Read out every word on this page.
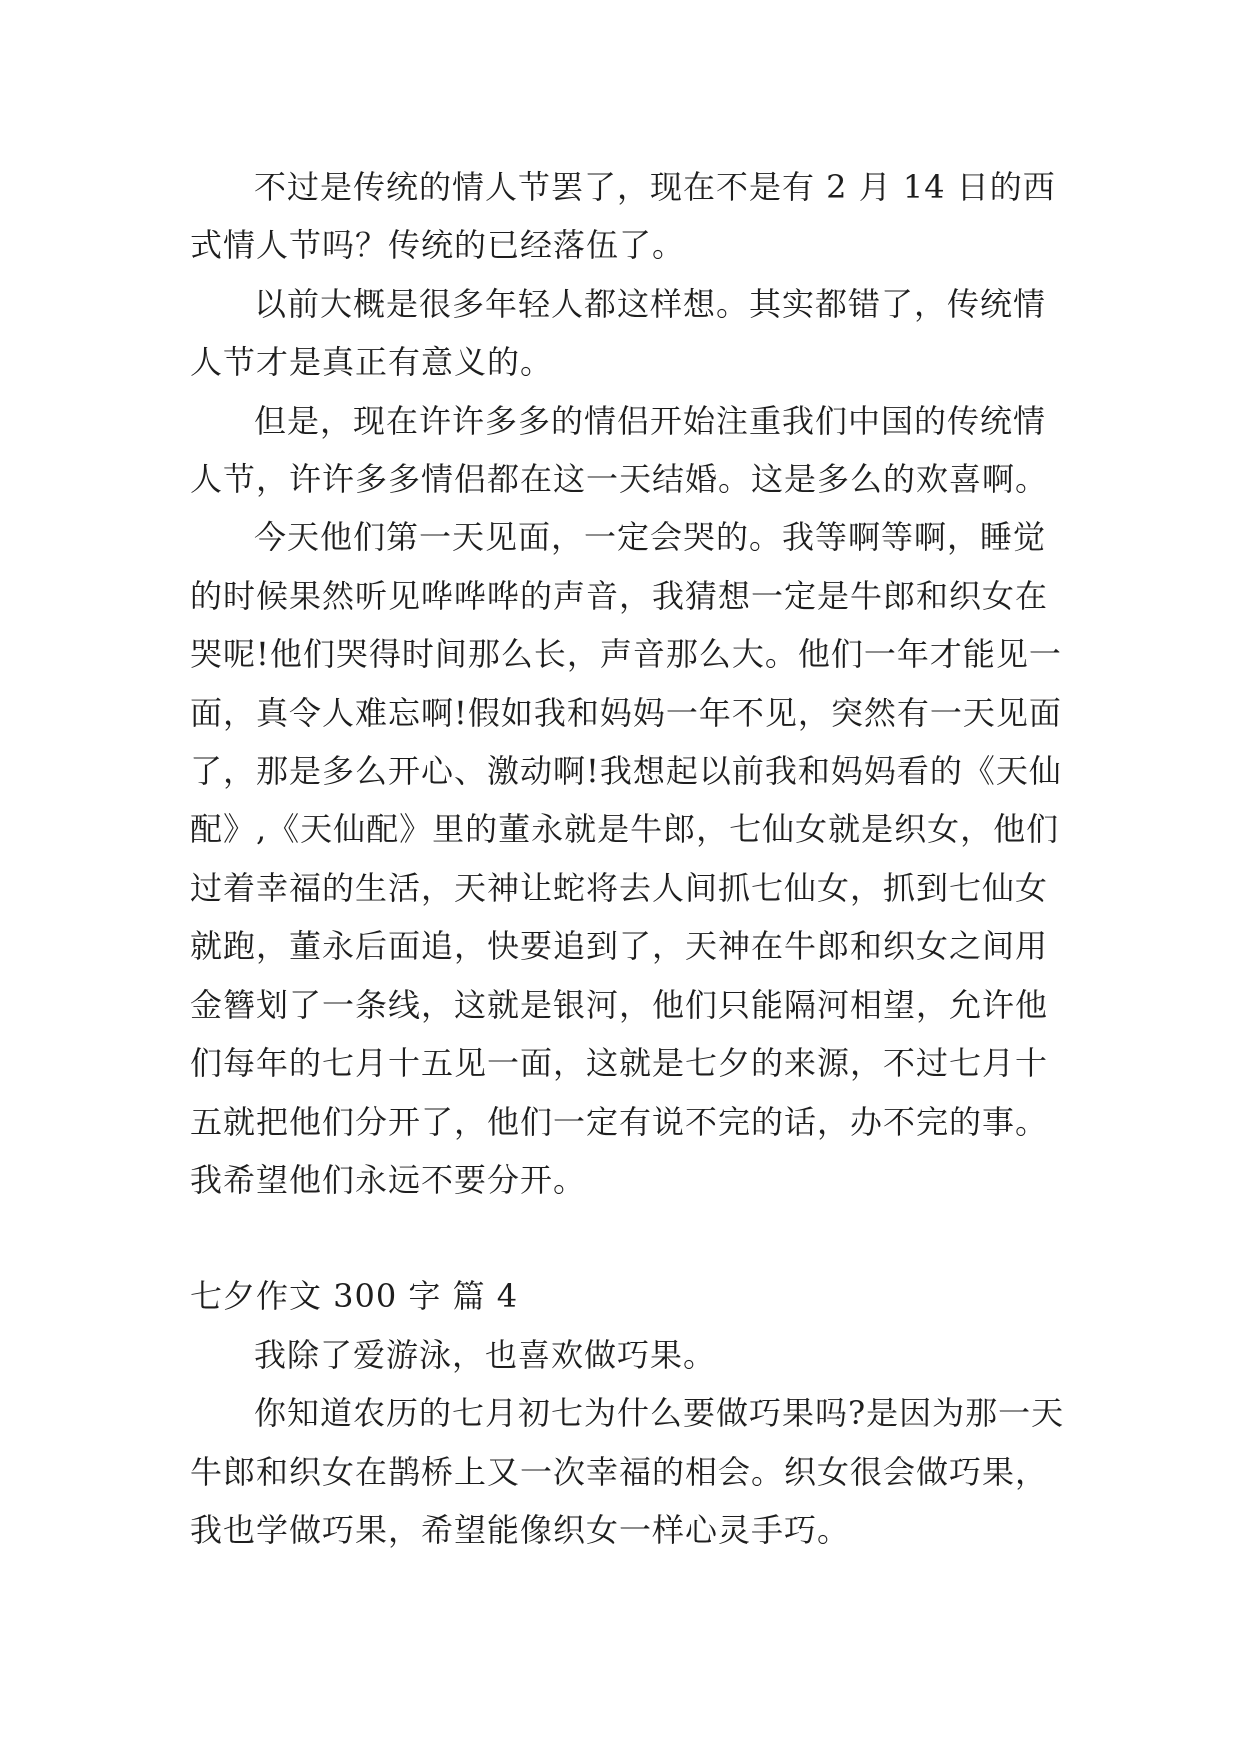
不过是传统的情人节罢了，现在不是有 2 月 14 日的西式情人节吗？传统的已经落伍了。

以前大概是很多年轻人都这样想。其实都错了，传统情人节才是真正有意义的。

但是，现在许许多多的情侣开始注重我们中国的传统情人节，许许多多情侣都在这一天结婚。这是多么的欢喜啊。

今天他们第一天见面，一定会哭的。我等啊等啊，睡觉的时候果然听见哗哗哗的声音，我猜想一定是牛郎和织女在哭呢!他们哭得时间那么长，声音那么大。他们一年才能见一面，真令人难忘啊!假如我和妈妈一年不见，突然有一天见面了，那是多么开心、激动啊!我想起以前我和妈妈看的《天仙配》,《天仙配》里的董永就是牛郎，七仙女就是织女，他们过着幸福的生活，天神让蛇将去人间抓七仙女，抓到七仙女就跑，董永后面追，快要追到了，天神在牛郎和织女之间用金簪划了一条线，这就是银河，他们只能隔河相望，允许他们每年的七月十五见一面，这就是七夕的来源，不过七月十五就把他们分开了，他们一定有说不完的话，办不完的事。我希望他们永远不要分开。

七夕作文 300 字 篇 4

我除了爱游泳，也喜欢做巧果。

你知道农历的七月初七为什么要做巧果吗?是因为那一天牛郎和织女在鹊桥上又一次幸福的相会。织女很会做巧果，我也学做巧果，希望能像织女一样心灵手巧。
